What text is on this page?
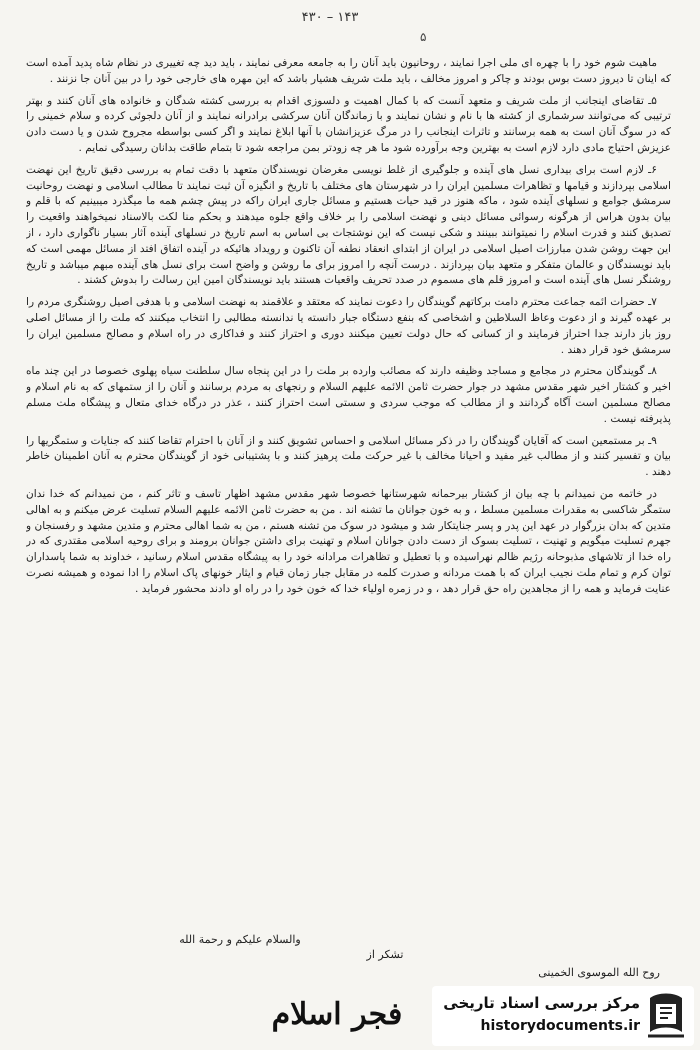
۴۳۰ – ۱۴۳
۵

ماهیت شوم خود را با چهره ای ملی اجرا نمایند ، روحانیون باید آنان را به جامعه معرفی نمایند ، باید دید چه تغییری در نظام شاه پدید آمده است که اینان تا دیروز دست بوس بودند و چاکر و امروز مخالف ، باید ملت شریف هشیار باشد که این مهره های خارجی خود را در بین آنان جا نزنند .

۵ـ تقاضای اینجانب از ملت شریف و متعهد آنست که با کمال اهمیت و دلسوزی اقدام به بررسی کشته شدگان و خانواده های آنان کنند و بهتر ترتیبی که می‌توانند سرشماری از کشته ها با نام و نشان نمایند و با زماندگان آنان سرکشی برادرانه نمایند و از آنان دلجوئی کرده و سلام خمینی را که در سوگ آنان است به همه برسانند و تاثرات اینجانب را در مرگ عزیزانشان با آنها ابلاغ نمایند و اگر کسی بواسطه مجروح شدن و یا دست دادن عزیزش احتیاج مادی دارد لازم است به بهترین وجه برآورده شود ما هر چه زودتر بمن مراجعه شود تا بتمام طاقت بدانان رسیدگی نمایم .

۶ـ لازم است برای بیداری نسل های آینده و جلوگیری از غلط نویسی مغرضان نویسندگان متعهد با دقت تمام به بررسی دقیق تاریخ این نهضت اسلامی بپردازند و قیامها و تظاهرات مسلمین ایران را در شهرستان های مختلف با تاریخ و انگیزه آن ثبت نمایند تا مطالب اسلامی و نهضت روحانیت سرمشق جوامع و نسلهای آینده شود ، ماکه هنوز در قید حیات هستیم و مسائل جاری ایران راکه در پیش چشم همه ما میگذرد میبینیم که با قلم و بیان بدون هراس از هرگونه رسوائی مسائل دینی و نهضت اسلامی را بر خلاف واقع جلوه میدهند و بحکم منا لکت بالاسناد نمیخواهند واقعیت را تصدیق کنند و قدرت اسلام را نمیتوانند ببینند و شکی نیست که این نوشتجات بی اساس به اسم تاریخ در نسلهای آینده آثار بسیار ناگواری دارد ، از این جهت روشن شدن مبارزات اصیل اسلامی در ایران از ابتدای انعقاد نطفه آن تاکنون و رویداد هائیکه در آینده اتفاق افتد از مسائل مهمی است که باید نویسندگان و عالمان متفکر و متعهد بیان بپردازند . درست آنچه را امروز برای ما روشن و واضح است برای نسل های آینده مبهم میباشد و تاریخ روشنگر نسل های آینده است و امروز قلم های مسموم در صدد تحریف واقعیات هستند باید نویسندگان امین این رسالت را بدوش کشند .

۷ـ حضرات ائمه جماعت محترم دامت برکاتهم گویندگان را دعوت نمایند که معتقد و علاقمند به نهضت اسلامی و با هدفی اصیل روشنگری مردم را بر عهده گیرند و از دعوت وعاظ السلاطین و اشخاصی که بنفع دستگاه جبار دانسته یا ندانسته مطالبی را انتخاب میکنند که ملت را از مسائل اصلی روز باز دارند جدا احتراز فرمایند و از کسانی که حال دولت تعیین میکنند دوری و احتراز کنند و فداکاری در راه اسلام و مصالح مسلمین ایران را سرمشق خود قرار دهند .

۸ـ گویندگان محترم در مجامع و مساجد وظیفه دارند که مصائب وارده بر ملت را در این پنجاه سال سلطنت سیاه پهلوی خصوصا در این چند ماه اخیر و کشتار اخیر شهر مقدس مشهد در جوار حضرت ثامن الائمه علیهم السلام و رنجهای به مردم برسانند و آنان را از ستمهای که به نام اسلام و مصالح مسلمین است آگاه گردانند و از مطالب که موجب سردی و سستی است احتراز کنند ، عذر در درگاه خدای متعال و پیشگاه ملت مسلم پذیرفته نیست .

۹ـ بر مستمعین است که آقایان گویندگان را در ذکر مسائل اسلامی و احساس تشویق کنند و از آنان با احترام تقاضا کنند که جنایات و ستمگریها را بیان و تفسیر کنند و از مطالب غیر مفید و احیانا مخالف با غیر حرکت ملت پرهیز کنند و با پشتیبانی خود از گویندگان محترم به آنان اطمینان خاطر دهند .

در خاتمه من نمیدانم با چه بیان از کشتار بیرحمانه شهرستانها خصوصا شهر مقدس مشهد اظهار تاسف و تاثر کنم ، من نمیدانم که خدا ندان ستمگر شاکسی به مقدرات مسلمین مسلط ، و به خون جوانان ما تشنه اند . من به حضرت ثامن الائمه علیهم السلام تسلیت عرض میکنم و به اهالی متدین که بدان بزرگوار در عهد این پدر و پسر جنایتکار شد و میشود در سوک من تشنه هستم ، من به شما اهالی محترم و متدین مشهد و رفسنجان و جهرم تسلیت میگویم و تهنیت ، تسلیت بسوک از دست دادن جوانان اسلام و تهنیت برای داشتن جوانان برومند و برای روحیه اسلامی مقتدری که در راه خدا از تلاشهای مذبوحانه رژیم ظالم نهراسیده و با تعطیل و تظاهرات مرادانه خود را به پیشگاه مقدس اسلام رسانید ، خداوند به شما پاسداران توان کرم و تمام ملت نجیب ایران که با همت مردانه و صدرت کلمه در مقابل جبار زمان قیام و ایثار خونهای پاک اسلام را ادا نموده و همیشه نصرت عنایت فرماید و همه را از مجاهدین راه حق قرار دهد ، و در زمره اولیاء خدا که خون خود را در راه او دادند محشور فرماید .

والسلام علیکم و رحمة الله
تشکر از
روح الله الموسوی الخمینی
فجر اسلام	مرکز بررسی اسناد تاریخی
historydocuments.ir
